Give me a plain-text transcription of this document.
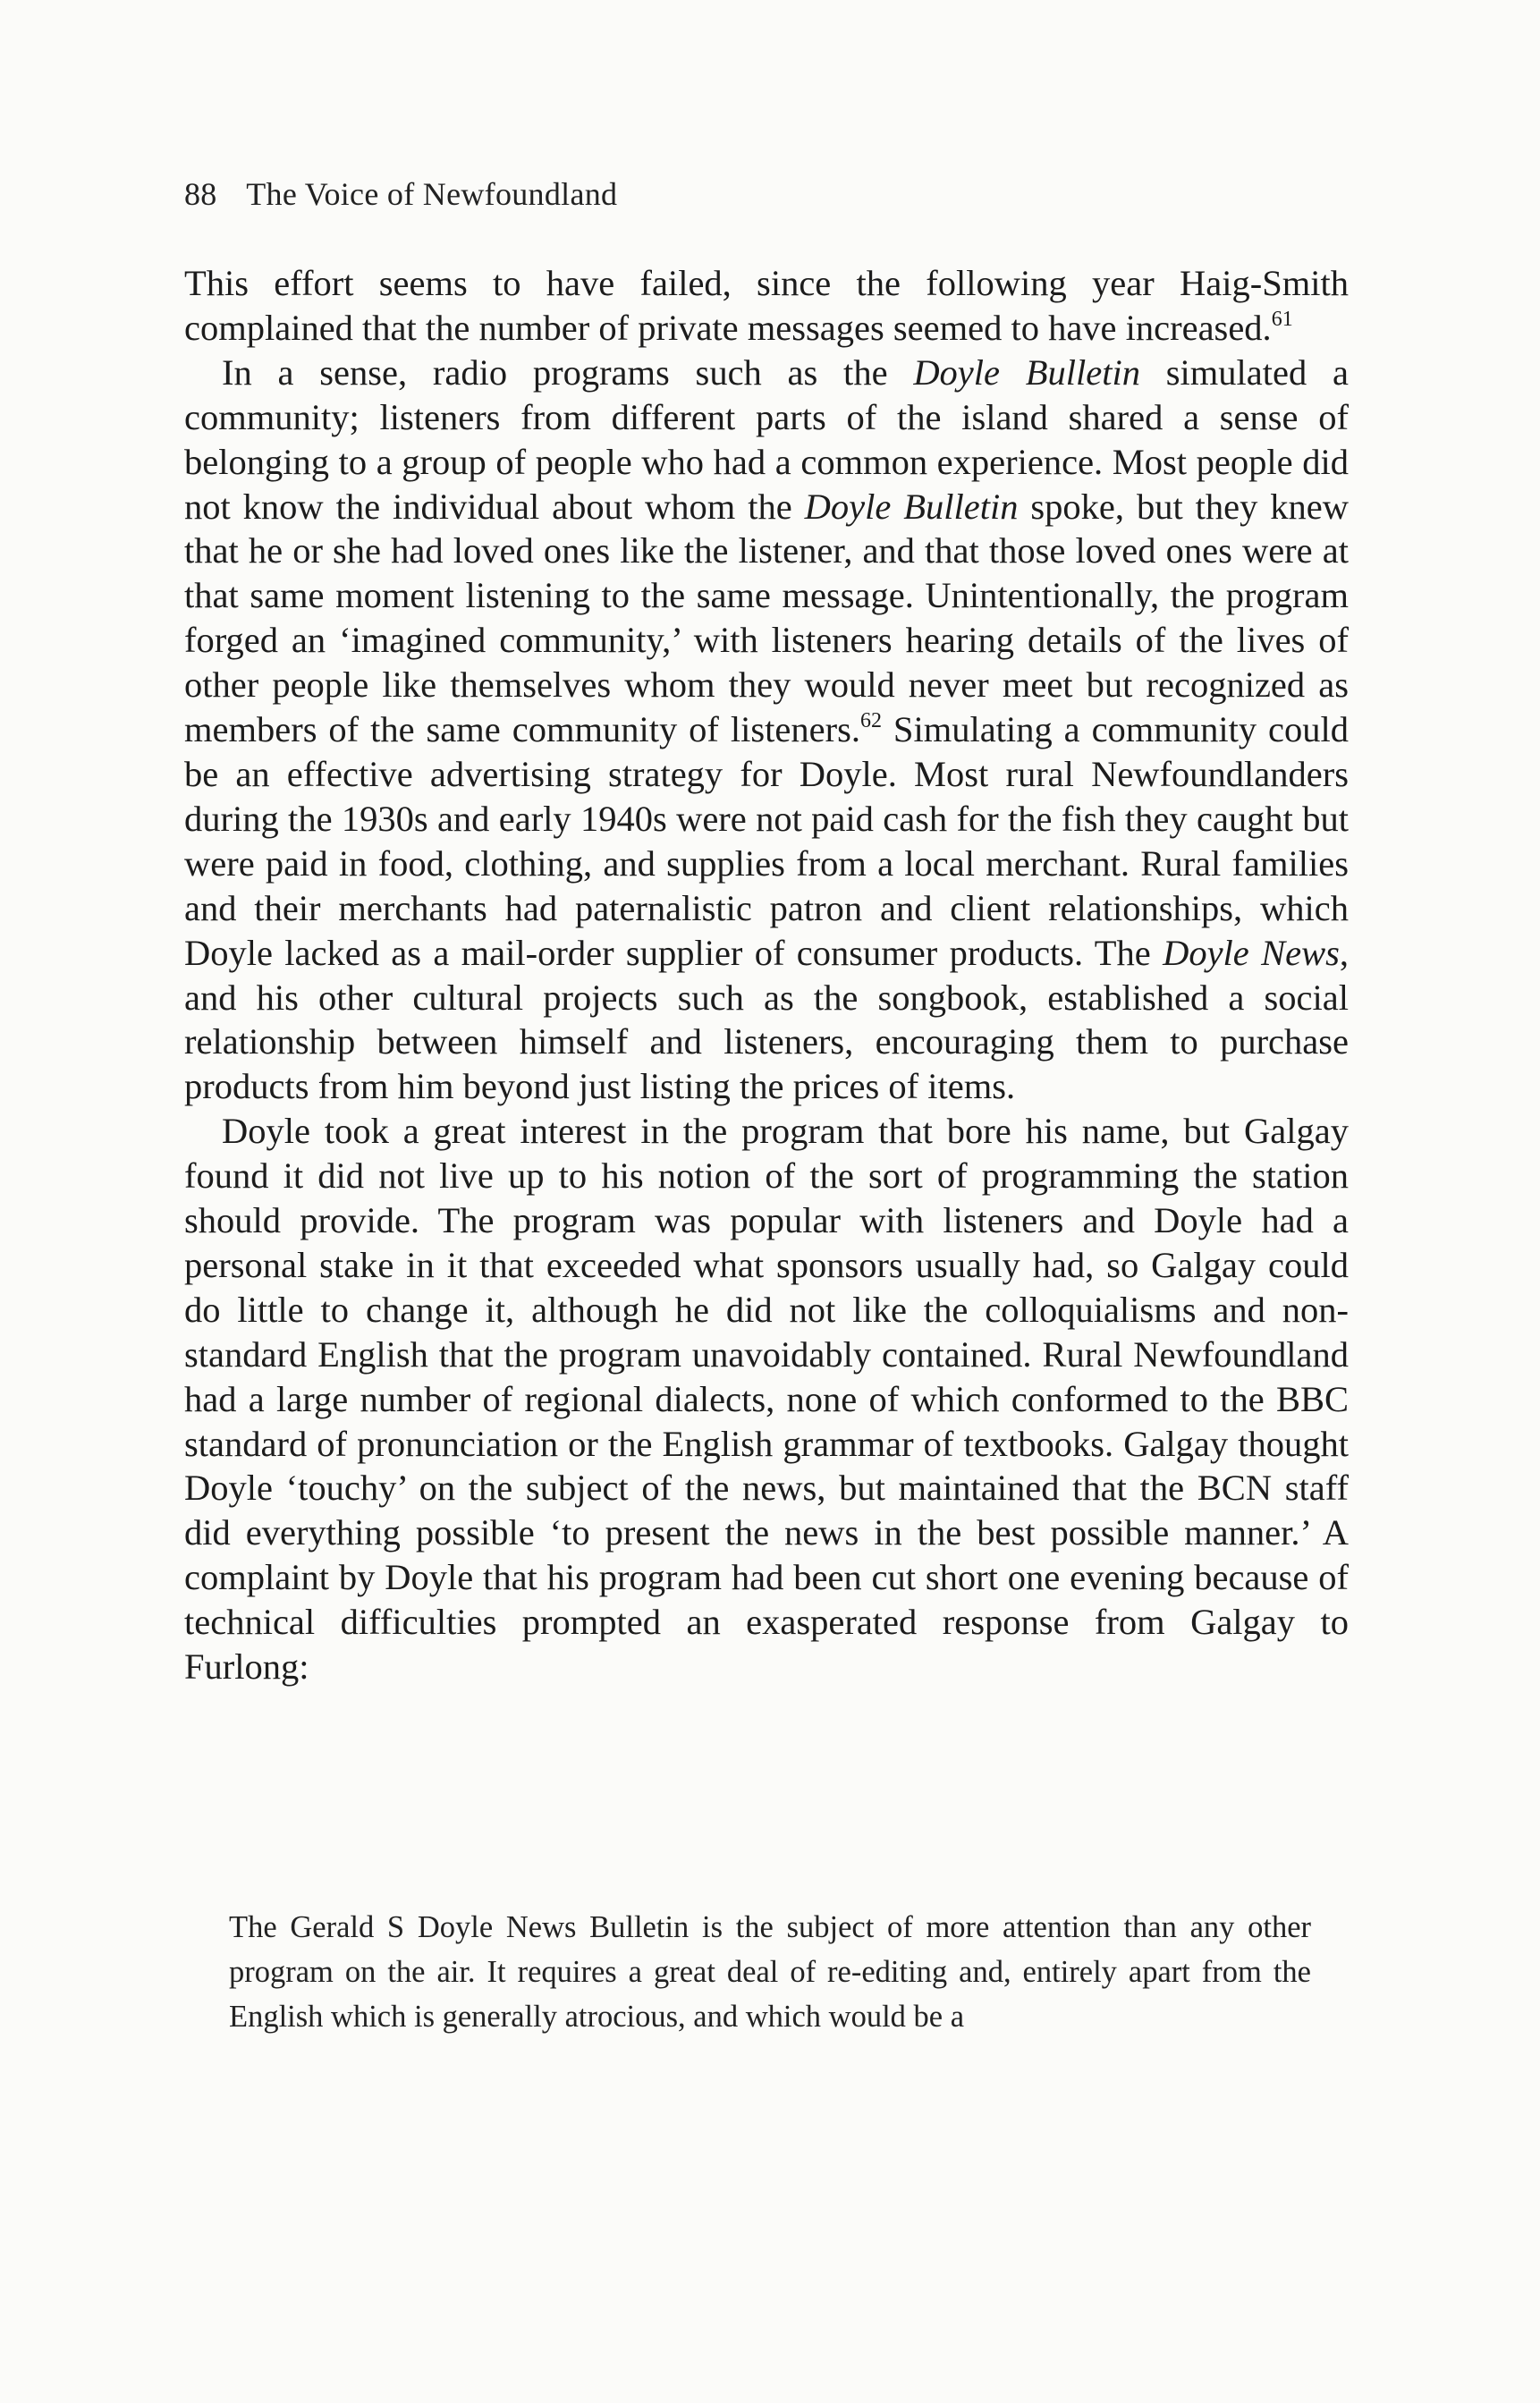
88 The Voice of Newfoundland

This effort seems to have failed, since the following year Haig-Smith complained that the number of private messages seemed to have increased.$^{61}$

In a sense, radio programs such as the Doyle Bulletin simulated a community; listeners from different parts of the island shared a sense of belonging to a group of people who had a common experience. Most people did not know the individual about whom the Doyle Bulletin spoke, but they knew that he or she had loved ones like the listener, and that those loved ones were at that same moment listening to the same message. Unintentionally, the program forged an ‘imagined community,’ with listeners hearing details of the lives of other people like themselves whom they would never meet but recognized as members of the same community of listeners.$^{62}$ Simulating a community could be an effective advertising strategy for Doyle. Most rural Newfoundlanders during the 1930s and early 1940s were not paid cash for the fish they caught but were paid in food, clothing, and supplies from a local merchant. Rural families and their merchants had paternalistic patron and client relationships, which Doyle lacked as a mail-order supplier of consumer products. The Doyle News, and his other cultural projects such as the songbook, established a social relationship between himself and listeners, encouraging them to purchase products from him beyond just listing the prices of items.

Doyle took a great interest in the program that bore his name, but Galgay found it did not live up to his notion of the sort of programming the station should provide. The program was popular with listeners and Doyle had a personal stake in it that exceeded what sponsors usually had, so Galgay could do little to change it, although he did not like the colloquialisms and non-standard English that the program unavoidably contained. Rural Newfoundland had a large number of regional dialects, none of which conformed to the BBC standard of pronunciation or the English grammar of textbooks. Galgay thought Doyle ‘touchy’ on the subject of the news, but maintained that the BCN staff did everything possible ‘to present the news in the best possible manner.’ A complaint by Doyle that his program had been cut short one evening because of technical difficulties prompted an exasperated response from Galgay to Furlong:

The Gerald S Doyle News Bulletin is the subject of more attention than any other program on the air. It requires a great deal of re-editing and, entirely apart from the English which is generally atrocious, and which would be a
